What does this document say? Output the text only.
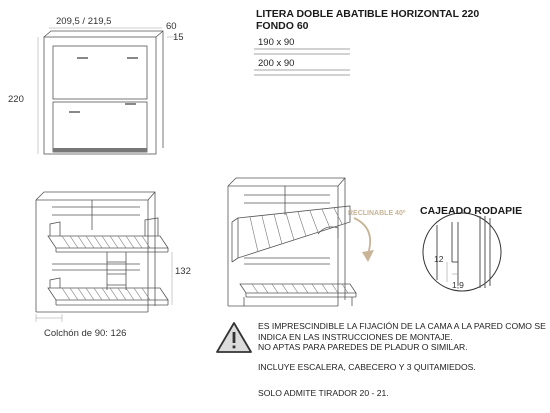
209,5 / 219,5	60
15
220
132
Colchón de 90: 126
LITERA DOBLE ABATIBLE HORIZONTAL 220
FONDO 60
190 x 90
200 x 90
RECLINABLE 40º CAJEADO RODAPIE
12
1,9
ES IMPRESCINDIBLE LA FIJACIÓN DE LA CAMA A LA PARED COMO SE
INDICA EN LAS INSTRUCCIONES DE MONTAJE.
NO APTAS PARA PAREDES DE PLADUR O SIMILAR.
INCLUYE ESCALERA, CABECERO Y 3 QUITAMIEDOS.
SOLO ADMITE TIRADOR 20 - 21.
